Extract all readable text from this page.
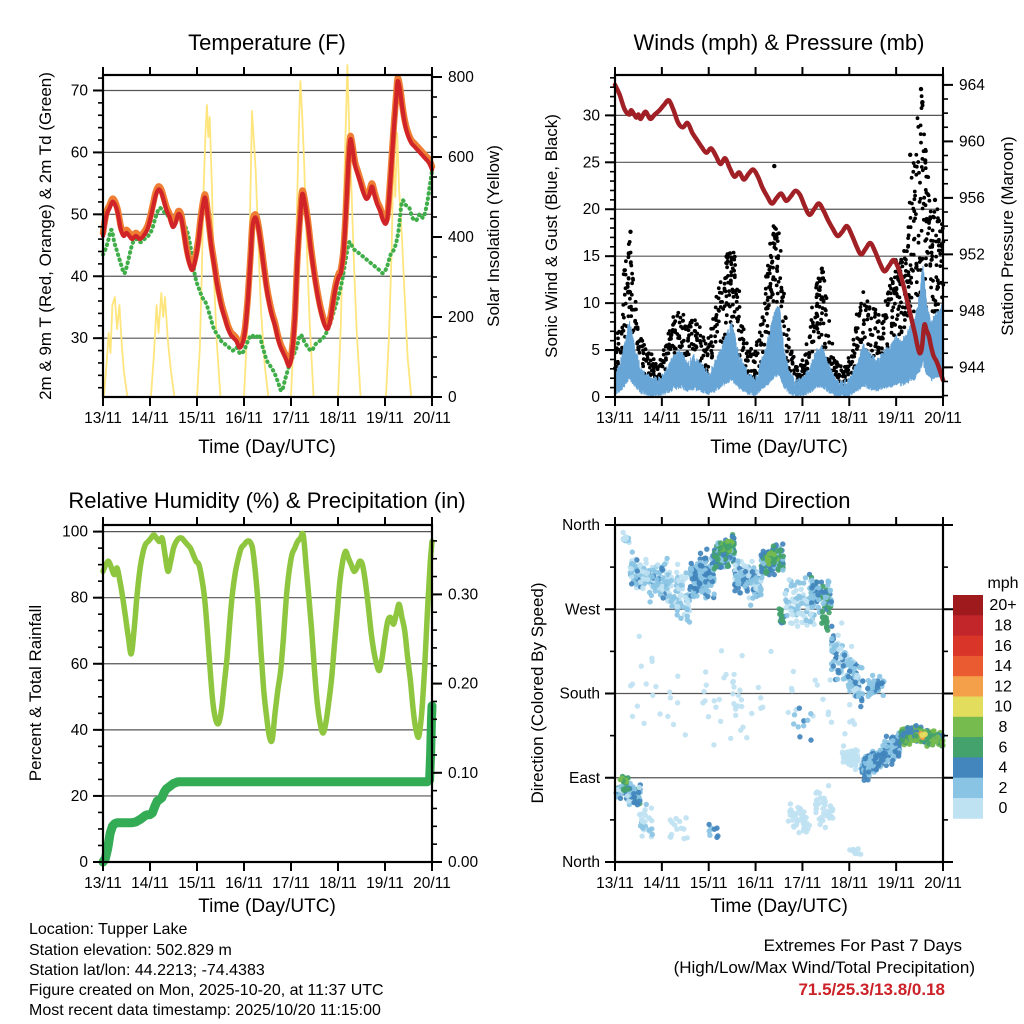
13/11 14/11 15/11 16/11 17/11 18/11 19/11 20/11
30
40
50
60
70
0
200
400
600
800
13/11 14/11 15/11 16/11 17/11 18/11 19/11 20/11
0
5
10
15
20
25
30
944
948
952
956
960
964
13/11 14/11 15/11 16/11 17/11 18/11 19/11 20/11
0
20
40
60
80
100
0.00
0.10
0.20
0.30
13/11 14/11 15/11 16/11 17/11 18/11 19/11 20/11
North
West
South
East
North
20+
18
16
14
12
10
8
6
4
2
0
Temperature (F)	Winds (mph) & Pressure (mb)
Relative Humidity (%) & Precipitation (in)	Wind Direction
Time (Day/UTC)	Time (Day/UTC)
Time (Day/UTC)	Time (Day/UTC)
2m & 9m T (Red, Orange) & 2m Td (Green)	Solar Insolation (Yellow) Sonic Wind & Gust (Blue, Black)	Station Pressure (Maroon)
Percent & Total Rainfall	Direction (Colored By Speed)	mph
Location: Tupper Lake
Station elevation: 502.829 m
Station lat/lon: 44.2213; -74.4383
Figure created on Mon, 2025-10-20, at 11:37 UTC
Most recent data timestamp: 2025/10/20 11:15:00
Extremes For Past 7 Days
(High/Low/Max Wind/Total Precipitation)
71.5/25.3/13.8/0.18
